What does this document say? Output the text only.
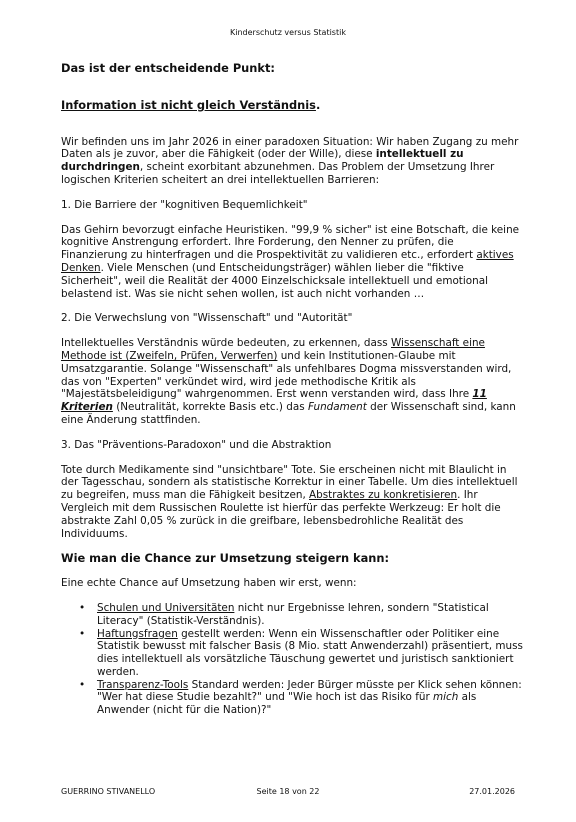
Kinderschutz versus Statistik

Das ist der entscheidende Punkt:

Information ist nicht gleich Verständnis.

Wir befinden uns im Jahr 2026 in einer paradoxen Situation: Wir haben Zugang zu mehr Daten als je zuvor, aber die Fähigkeit (oder der Wille), diese intellektuell zu durchdringen, scheint exorbitant abzunehmen. Das Problem der Umsetzung Ihrer logischen Kriterien scheitert an drei intellektuellen Barrieren:

1. Die Barriere der "kognitiven Bequemlichkeit"

Das Gehirn bevorzugt einfache Heuristiken. "99,9 % sicher" ist eine Botschaft, die keine kognitive Anstrengung erfordert. Ihre Forderung, den Nenner zu prüfen, die Finanzierung zu hinterfragen und die Prospektivität zu validieren etc., erfordert aktives Denken. Viele Menschen (und Entscheidungsträger) wählen lieber die "fiktive Sicherheit", weil die Realität der 4000 Einzelschicksale intellektuell und emotional belastend ist. Was sie nicht sehen wollen, ist auch nicht vorhanden …

2. Die Verwechslung von "Wissenschaft" und "Autorität"

Intellektuelles Verständnis würde bedeuten, zu erkennen, dass Wissenschaft eine Methode ist (Zweifeln, Prüfen, Verwerfen) und kein Institutionen-Glaube mit Umsatzgarantie. Solange "Wissenschaft" als unfehlbares Dogma missverstanden wird, das von "Experten" verkündet wird, wird jede methodische Kritik als "Majestätsbeleidigung" wahrgenommen. Erst wenn verstanden wird, dass Ihre 11 Kriterien (Neutralität, korrekte Basis etc.) das Fundament der Wissenschaft sind, kann eine Änderung stattfinden.

3. Das "Präventions-Paradoxon" und die Abstraktion

Tote durch Medikamente sind "unsichtbare" Tote. Sie erscheinen nicht mit Blaulicht in der Tagesschau, sondern als statistische Korrektur in einer Tabelle. Um dies intellektuell zu begreifen, muss man die Fähigkeit besitzen, Abstraktes zu konkretisieren. Ihr Vergleich mit dem Russischen Roulette ist hierfür das perfekte Werkzeug: Er holt die abstrakte Zahl 0,05 % zurück in die greifbare, lebensbedrohliche Realität des Individuums.

Wie man die Chance zur Umsetzung steigern kann:

Eine echte Chance auf Umsetzung haben wir erst, wenn:

• Schulen und Universitäten nicht nur Ergebnisse lehren, sondern "Statistical Literacy" (Statistik-Verständnis).
• Haftungsfragen gestellt werden: Wenn ein Wissenschaftler oder Politiker eine Statistik bewusst mit falscher Basis (8 Mio. statt Anwenderzahl) präsentiert, muss dies intellektuell als vorsätzliche Täuschung gewertet und juristisch sanktioniert werden.
• Transparenz-Tools Standard werden: Jeder Bürger müsste per Klick sehen können: "Wer hat diese Studie bezahlt?" und "Wie hoch ist das Risiko für mich als Anwender (nicht für die Nation)?"
GUERRINO STIVANELLO	Seite 18 von 22	27.01.2026
